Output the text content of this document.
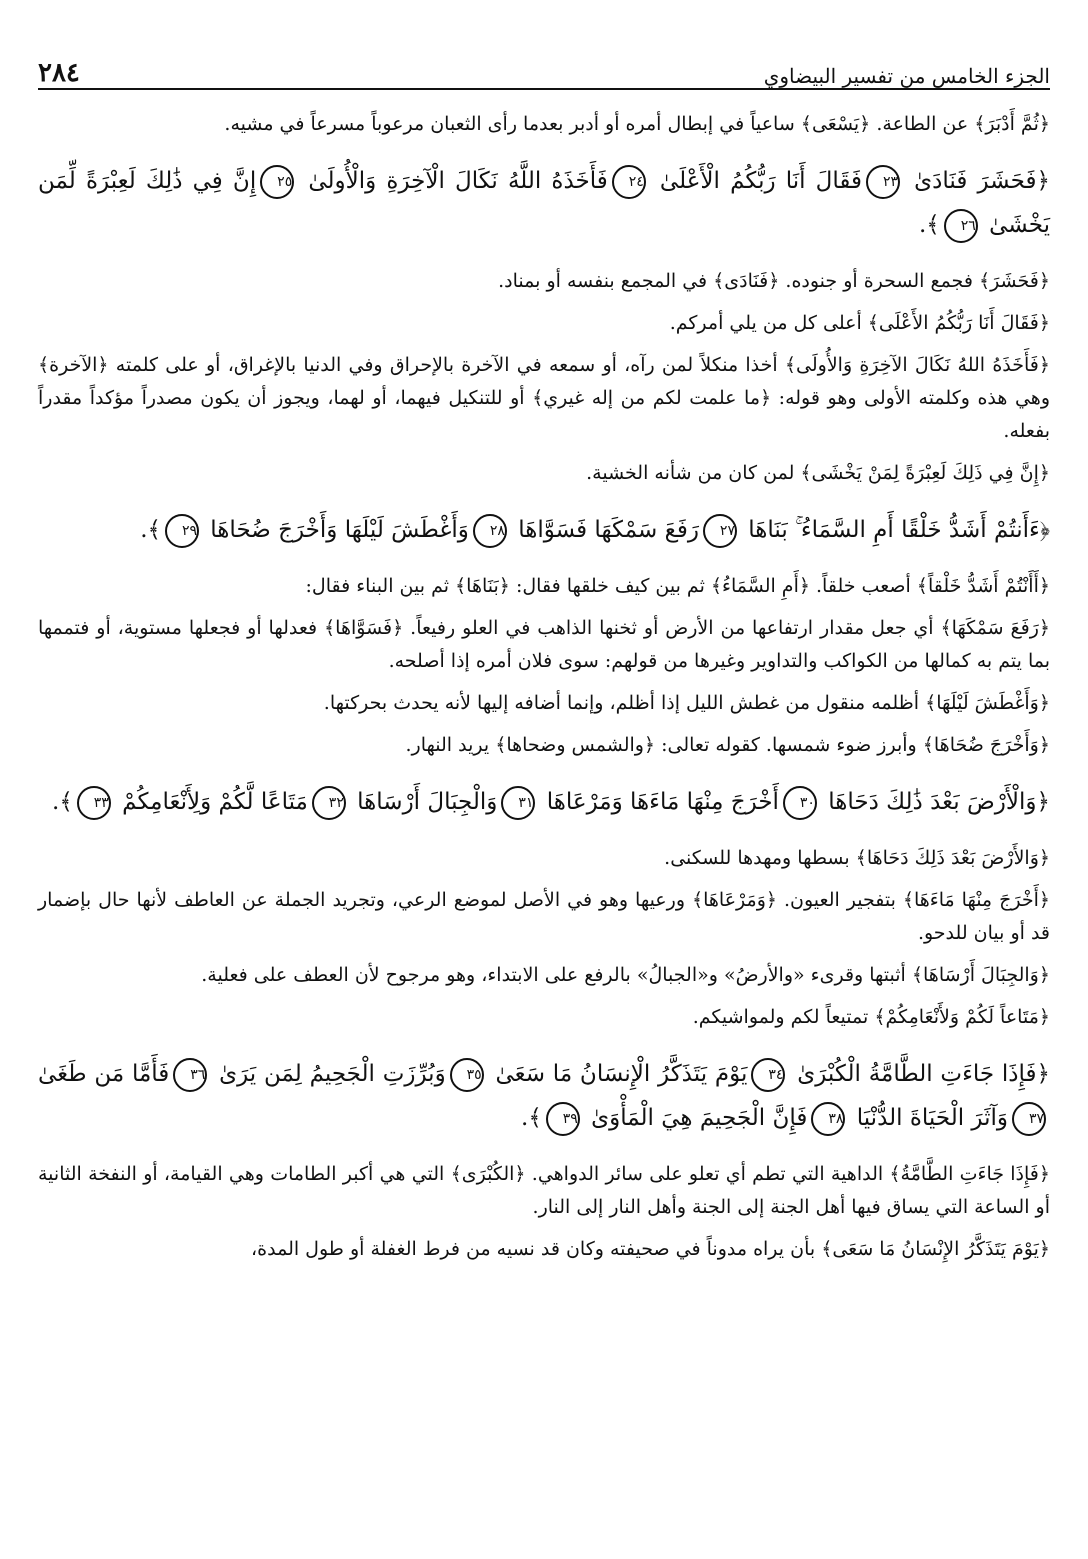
الجزء الخامس من تفسير البيضاوي
٢٨٤

﴿ثُمَّ أَدْبَرَ﴾ عن الطاعة. ﴿يَسْعَى﴾ ساعياً في إبطال أمره أو أدبر بعدما رأى الثعبان مرعوباً مسرعاً في مشيه.

﴿فَحَشَرَ فَنَادَىٰ ٢٣فَقَالَ أَنَا رَبُّكُمُ الْأَعْلَىٰ ٢٤فَأَخَذَهُ اللَّهُ نَكَالَ الْآخِرَةِ وَالْأُولَىٰ ٢٥إِنَّ فِي ذَٰلِكَ لَعِبْرَةً لِّمَن يَخْشَىٰ ٢٦﴾.

﴿فَحَشَرَ﴾ فجمع السحرة أو جنوده. ﴿فَنَادَى﴾ في المجمع بنفسه أو بمناد.

﴿فَقَالَ أَنَا رَبُّكُمُ الأَعْلَى﴾ أعلى كل من يلي أمركم.

﴿فَأَخَذَهُ اللهُ نَكَالَ الآخِرَةِ وَالأُولَى﴾ أخذا منكلاً لمن رآه، أو سمعه في الآخرة بالإحراق وفي الدنيا بالإغراق، أو على كلمته ﴿الآخرة﴾ وهي هذه وكلمته الأولى وهو قوله: ﴿ما علمت لكم من إله غيري﴾ أو للتنكيل فيهما، أو لهما، ويجوز أن يكون مصدراً مؤكداً مقدراً بفعله.

﴿إِنَّ فِي ذَلِكَ لَعِبْرَةً لِمَنْ يَخْشَى﴾ لمن كان من شأنه الخشية.

﴿ءَأَنتُمْ أَشَدُّ خَلْقًا أَمِ السَّمَاءُ ۚ بَنَاهَا ٢٧رَفَعَ سَمْكَهَا فَسَوَّاهَا ٢٨وَأَغْطَشَ لَيْلَهَا وَأَخْرَجَ ضُحَاهَا ٢٩﴾.

﴿أَأَنْتُمْ أَشَدُّ خَلْقاً﴾ أصعب خلقاً. ﴿أَمِ السَّمَاءُ﴾ ثم بين كيف خلقها فقال: ﴿بَنَاهَا﴾ ثم بين البناء فقال:

﴿رَفَعَ سَمْكَهَا﴾ أي جعل مقدار ارتفاعها من الأرض أو ثخنها الذاهب في العلو رفيعاً. ﴿فَسَوَّاهَا﴾ فعدلها أو فجعلها مستوية، أو فتممها بما يتم به كمالها من الكواكب والتداوير وغيرها من قولهم: سوى فلان أمره إذا أصلحه.

﴿وَأَغْطَشَ لَيْلَهَا﴾ أظلمه منقول من غطش الليل إذا أظلم، وإنما أضافه إليها لأنه يحدث بحركتها.

﴿وَأَخْرَجَ ضُحَاهَا﴾ وأبرز ضوء شمسها. كقوله تعالى: ﴿والشمس وضحاها﴾ يريد النهار.

﴿وَالْأَرْضَ بَعْدَ ذَٰلِكَ دَحَاهَا ٣٠أَخْرَجَ مِنْهَا مَاءَهَا وَمَرْعَاهَا ٣١وَالْجِبَالَ أَرْسَاهَا ٣٢مَتَاعًا لَّكُمْ وَلِأَنْعَامِكُمْ ٣٣﴾.

﴿وَالأَرْضَ بَعْدَ ذَلِكَ دَحَاهَا﴾ بسطها ومهدها للسكنى.

﴿أَخْرَجَ مِنْهَا مَاءَهَا﴾ بتفجير العيون. ﴿وَمَرْعَاهَا﴾ ورعيها وهو في الأصل لموضع الرعي، وتجريد الجملة عن العاطف لأنها حال بإضمار قد أو بيان للدحو.

﴿وَالجِبَالَ أَرْسَاهَا﴾ أثبتها وقرىء «والأرضُ» و«الجبالُ» بالرفع على الابتداء، وهو مرجوح لأن العطف على فعلية.

﴿مَتَاعاً لَكُمْ وَلأَنْعَامِكُمْ﴾ تمتيعاً لكم ولمواشيكم.

﴿فَإِذَا جَاءَتِ الطَّامَّةُ الْكُبْرَىٰ ٣٤يَوْمَ يَتَذَكَّرُ الْإِنسَانُ مَا سَعَىٰ ٣٥وَبُرِّزَتِ الْجَحِيمُ لِمَن يَرَىٰ ٣٦فَأَمَّا مَن طَغَىٰ ٣٧وَآثَرَ الْحَيَاةَ الدُّنْيَا ٣٨فَإِنَّ الْجَحِيمَ هِيَ الْمَأْوَىٰ ٣٩﴾.

﴿فَإِذَا جَاءَتِ الطَّامَّةُ﴾ الداهية التي تطم أي تعلو على سائر الدواهي. ﴿الكُبْرَى﴾ التي هي أكبر الطامات وهي القيامة، أو النفخة الثانية أو الساعة التي يساق فيها أهل الجنة إلى الجنة وأهل النار إلى النار.

﴿يَوْمَ يَتَذَكَّرُ الإِنْسَانُ مَا سَعَى﴾ بأن يراه مدوناً في صحيفته وكان قد نسيه من فرط الغفلة أو طول المدة،
